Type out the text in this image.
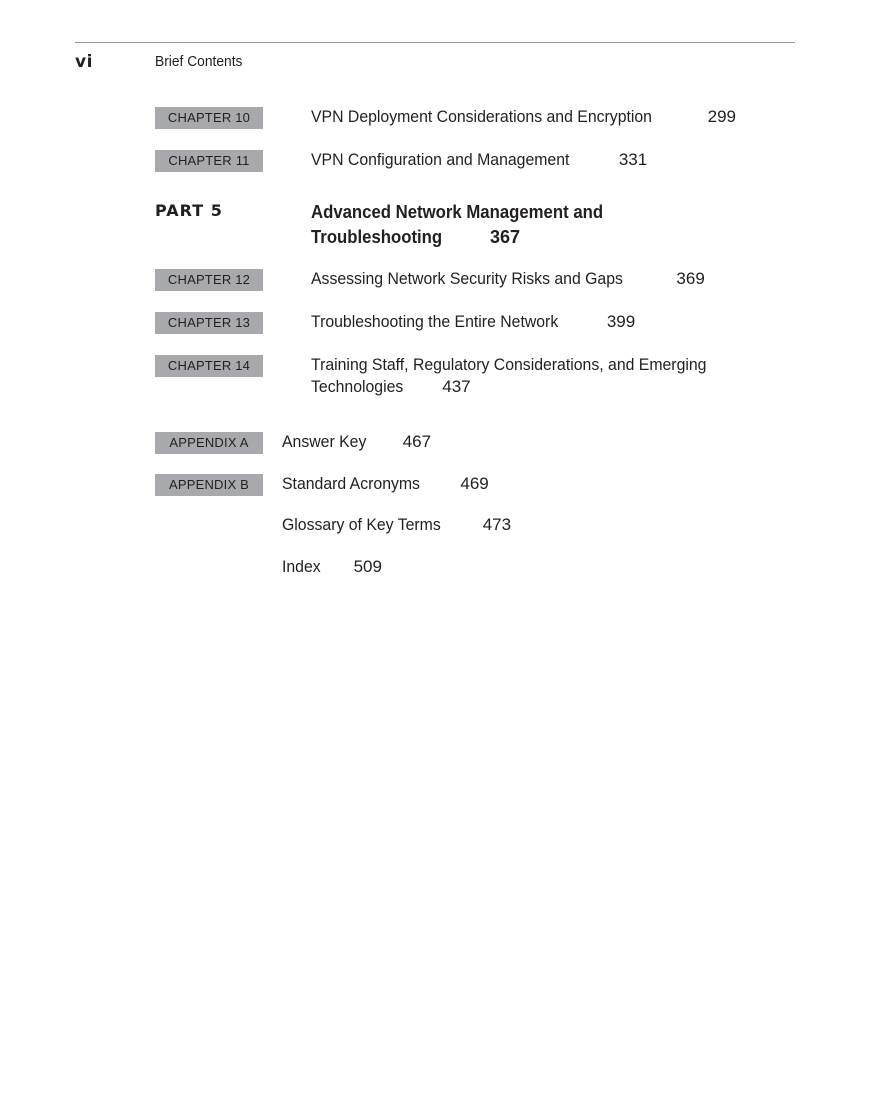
vi	Brief Contents
CHAPTER 10	VPN Deployment Considerations and Encryption	299
CHAPTER 11	VPN Configuration and Management	331
PART 5	Advanced Network Management and
Troubleshooting	367
CHAPTER 12	Assessing Network Security Risks and Gaps	369
CHAPTER 13	Troubleshooting the Entire Network	399
CHAPTER 14	Training Staff, Regulatory Considerations, and Emerging
Technologies 437
APPENDIX A	Answer Key 467
APPENDIX B	Standard Acronyms 469
Glossary of Key Terms 473
Index 509
